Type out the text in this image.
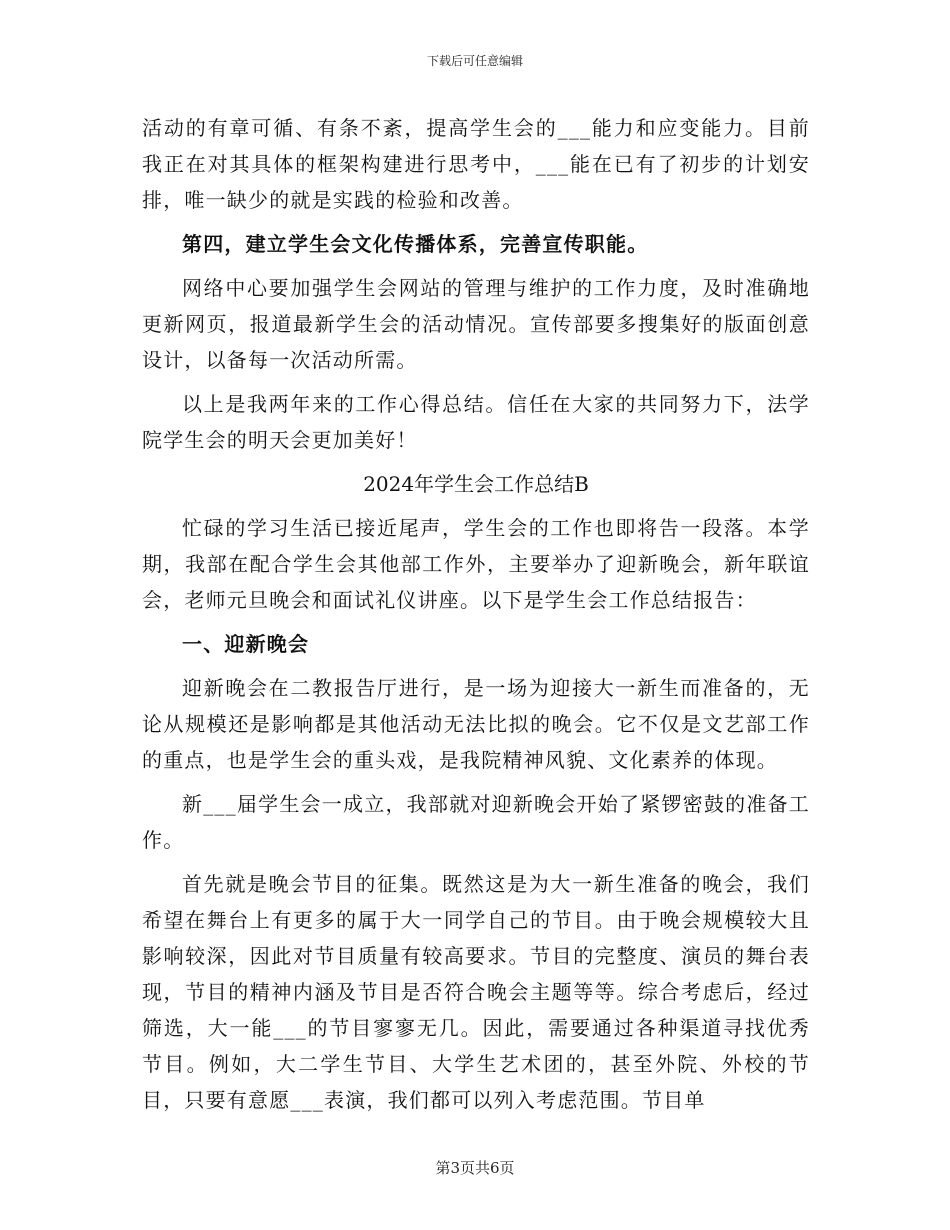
下载后可任意编辑

活动的有章可循、有条不紊，提高学生会的___能力和应变能力。目前我正在对其具体的框架构建进行思考中，___能在已有了初步的计划安排，唯一缺少的就是实践的检验和改善。

第四，建立学生会文化传播体系，完善宣传职能。

网络中心要加强学生会网站的管理与维护的工作力度，及时准确地更新网页，报道最新学生会的活动情况。宣传部要多搜集好的版面创意设计，以备每一次活动所需。

以上是我两年来的工作心得总结。信任在大家的共同努力下，法学院学生会的明天会更加美好！

2024年学生会工作总结B

忙碌的学习生活已接近尾声，学生会的工作也即将告一段落。本学期，我部在配合学生会其他部工作外，主要举办了迎新晚会，新年联谊会，老师元旦晚会和面试礼仪讲座。以下是学生会工作总结报告：

一、迎新晚会

迎新晚会在二教报告厅进行，是一场为迎接大一新生而准备的，无论从规模还是影响都是其他活动无法比拟的晚会。它不仅是文艺部工作的重点，也是学生会的重头戏，是我院精神风貌、文化素养的体现。

新___届学生会一成立，我部就对迎新晚会开始了紧锣密鼓的准备工作。

首先就是晚会节目的征集。既然这是为大一新生准备的晚会，我们希望在舞台上有更多的属于大一同学自己的节目。由于晚会规模较大且影响较深，因此对节目质量有较高要求。节目的完整度、演员的舞台表现，节目的精神内涵及节目是否符合晚会主题等等。综合考虑后，经过筛选，大一能___的节目寥寥无几。因此，需要通过各种渠道寻找优秀节目。例如，大二学生节目、大学生艺术团的，甚至外院、外校的节目，只要有意愿___表演，我们都可以列入考虑范围。节目单

第3页共6页
